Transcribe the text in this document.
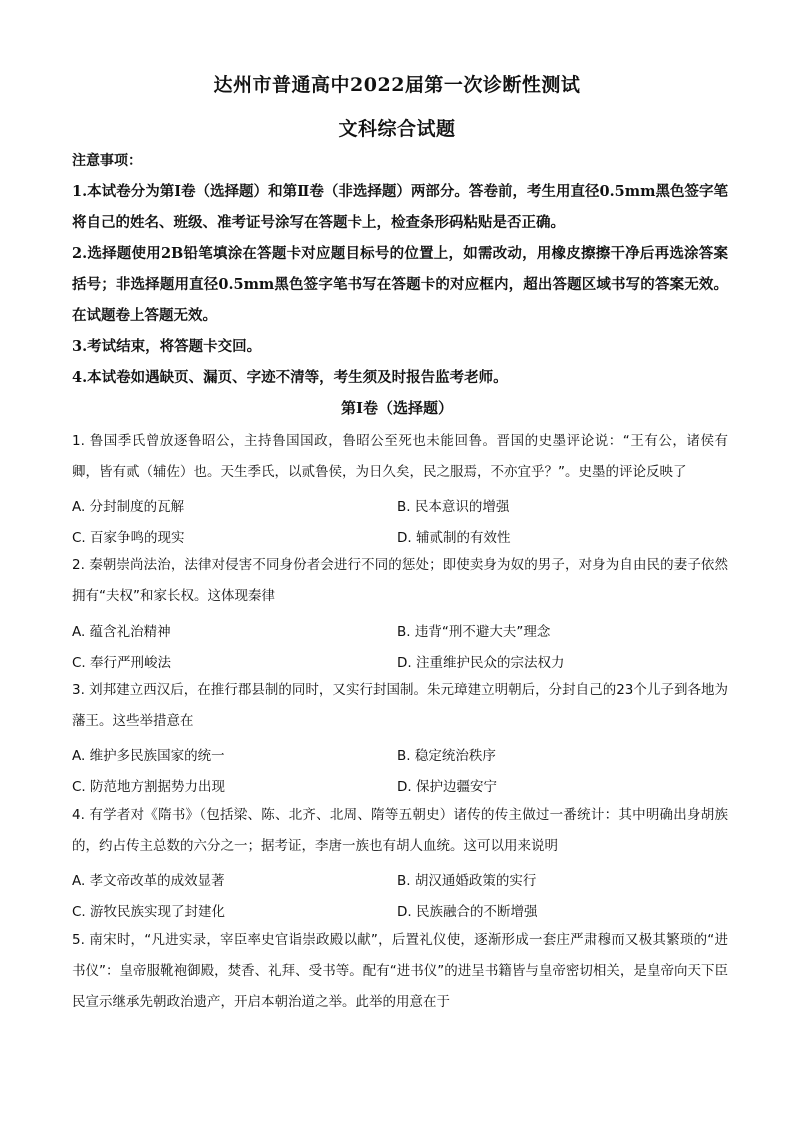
达州市普通高中2022届第一次诊断性测试
文科综合试题
注意事项：
1.本试卷分为第Ⅰ卷（选择题）和第Ⅱ卷（非选择题）两部分。答卷前，考生用直径0.5mm黑色签字笔将自己的姓名、班级、准考证号涂写在答题卡上，检查条形码粘贴是否正确。
2.选择题使用2B铅笔填涂在答题卡对应题目标号的位置上，如需改动，用橡皮擦擦干净后再选涂答案括号；非选择题用直径0.5mm黑色签字笔书写在答题卡的对应框内，超出答题区域书写的答案无效。在试题卷上答题无效。
3.考试结束，将答题卡交回。
4.本试卷如遇缺页、漏页、字迹不清等，考生须及时报告监考老师。
第Ⅰ卷（选择题）
1. 鲁国季氏曾放逐鲁昭公，主持鲁国国政，鲁昭公至死也未能回鲁。晋国的史墨评论说：“王有公，诸侯有卿，皆有贰（辅佐）也。天生季氏，以贰鲁侯，为日久矣，民之服焉，不亦宜乎？”。史墨的评论反映了
A. 分封制度的瓦解	B. 民本意识的增强
C. 百家争鸣的现实	D. 辅贰制的有效性
2. 秦朝崇尚法治，法律对侵害不同身份者会进行不同的惩处；即使卖身为奴的男子，对身为自由民的妻子依然拥有“夫权”和家长权。这体现秦律
A. 蕴含礼治精神	B. 违背“刑不避大夫”理念
C. 奉行严刑峻法	D. 注重维护民众的宗法权力
3. 刘邦建立西汉后，在推行郡县制的同时，又实行封国制。朱元璋建立明朝后，分封自己的23个儿子到各地为藩王。这些举措意在
A. 维护多民族国家的统一	B. 稳定统治秩序
C. 防范地方割据势力出现	D. 保护边疆安宁
4. 有学者对《隋书》（包括梁、陈、北齐、北周、隋等五朝史）诸传的传主做过一番统计：其中明确出身胡族的，约占传主总数的六分之一；据考证，李唐一族也有胡人血统。这可以用来说明
A. 孝文帝改革的成效显著	B. 胡汉通婚政策的实行
C. 游牧民族实现了封建化	D. 民族融合的不断增强
5. 南宋时，“凡进实录，宰臣率史官诣崇政殿以献”，后置礼仪使，逐渐形成一套庄严肃穆而又极其繁琐的“进书仪”：皇帝服靴袍御殿，焚香、礼拜、受书等。配有“进书仪”的进呈书籍皆与皇帝密切相关，是皇帝向天下臣民宣示继承先朝政治遗产，开启本朝治道之举。此举的用意在于
